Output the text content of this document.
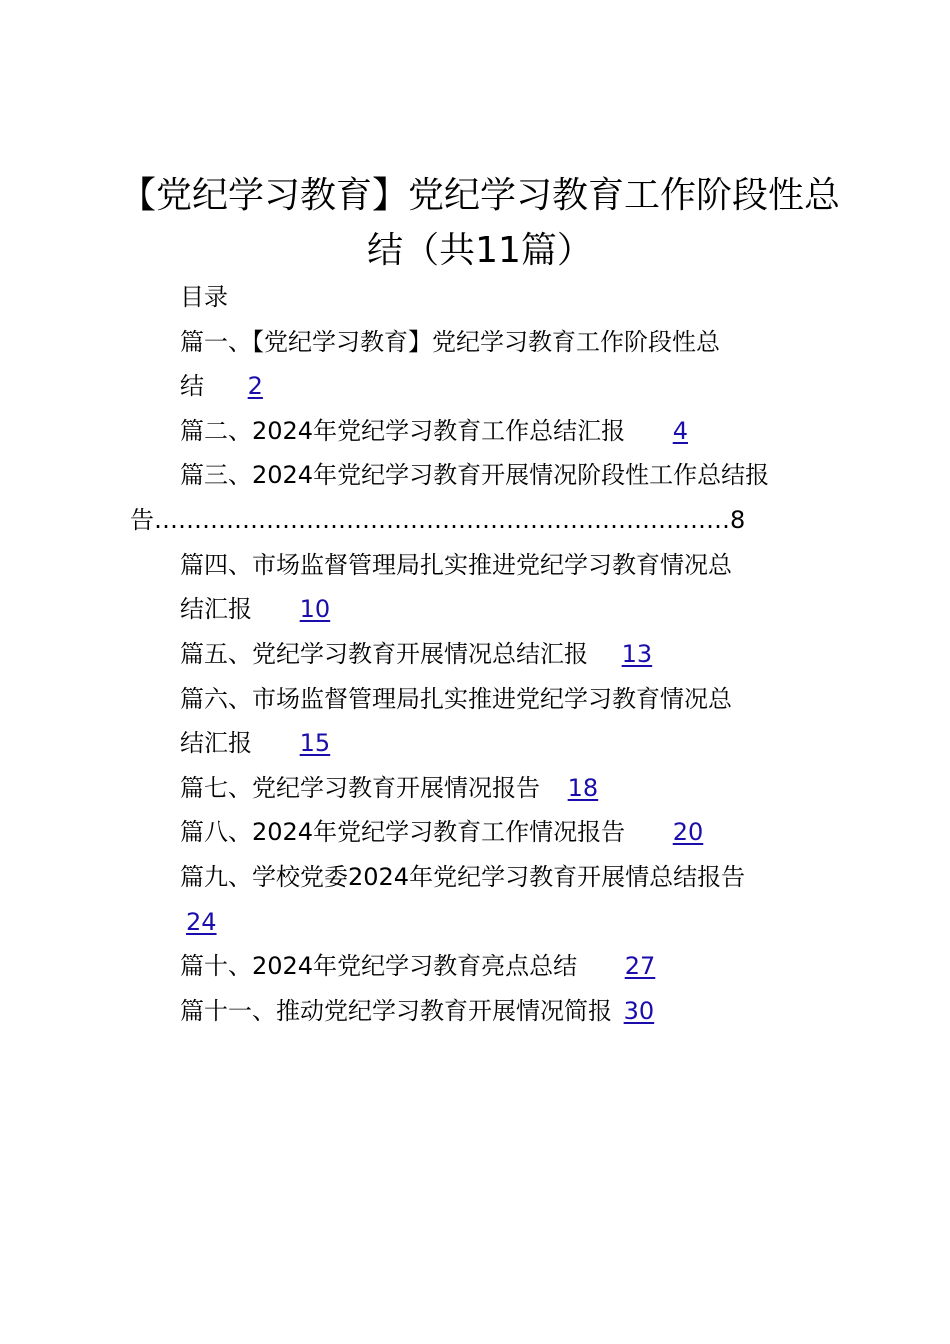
【党纪学习教育】党纪学习教育工作阶段性总
结（共11篇）
目录
篇一、【党纪学习教育】党纪学习教育工作阶段性总
结 2
篇二、2024年党纪学习教育工作总结汇报 4
篇三、2024年党纪学习教育开展情况阶段性工作总结报
告………………………………………………………………8
篇四、市场监督管理局扎实推进党纪学习教育情况总
结汇报 10
篇五、党纪学习教育开展情况总结汇报 13
篇六、市场监督管理局扎实推进党纪学习教育情况总
结汇报 15
篇七、党纪学习教育开展情况报告 18
篇八、2024年党纪学习教育工作情况报告 20
篇九、学校党委2024年党纪学习教育开展情总结报告
24
篇十、2024年党纪学习教育亮点总结 27
篇十一、推动党纪学习教育开展情况简报 30
